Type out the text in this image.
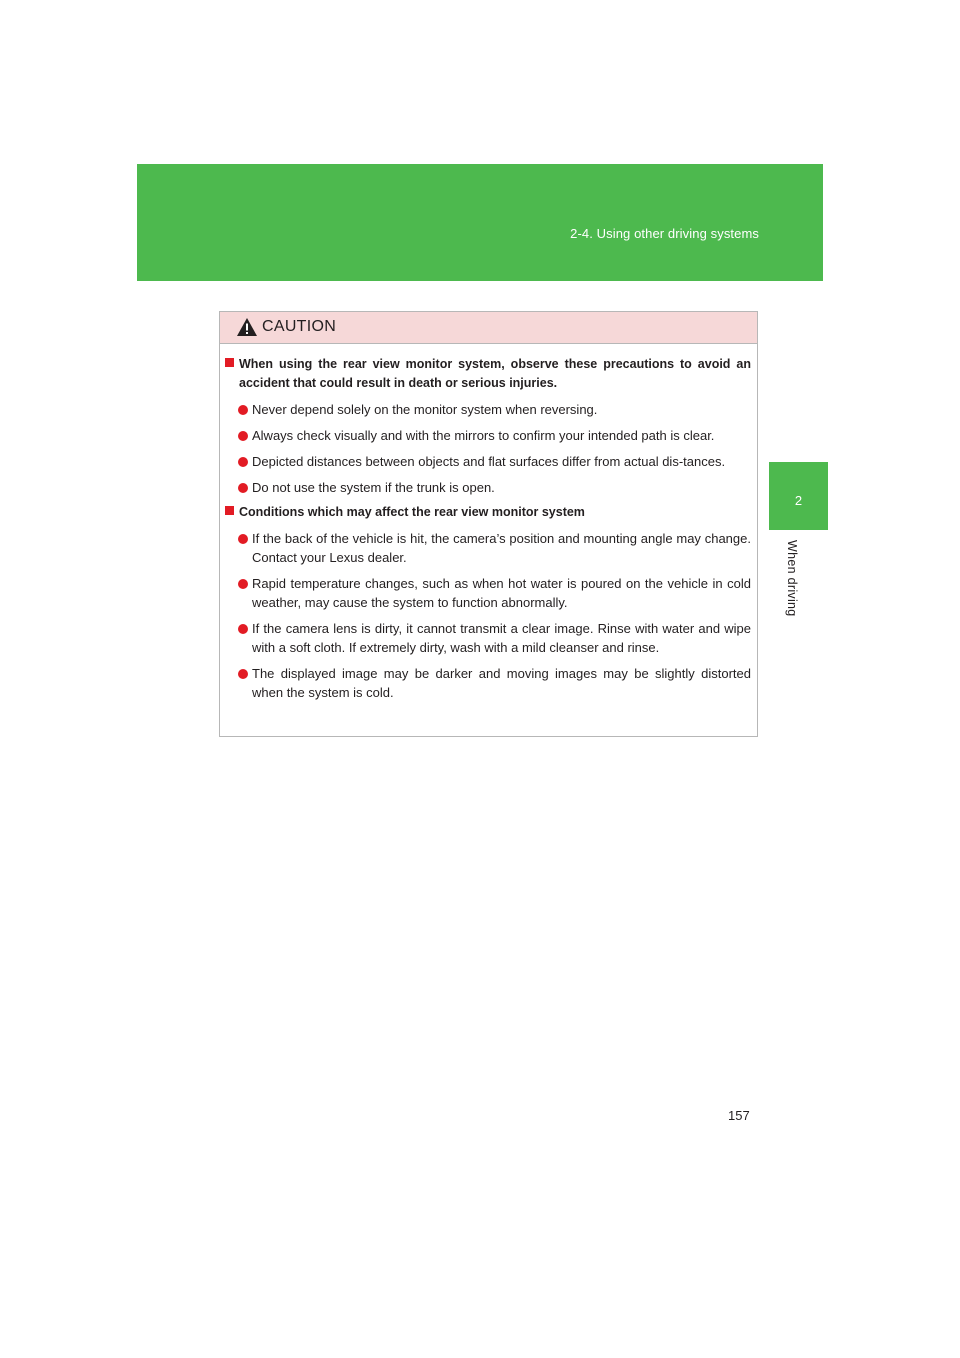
2-4. Using other driving systems
2
When driving
CAUTION
When using the rear view monitor system, observe these precautions to avoid an accident that could result in death or serious injuries.
Never depend solely on the monitor system when reversing.
Always check visually and with the mirrors to confirm your intended path is clear.
Depicted distances between objects and flat surfaces differ from actual dis-tances.
Do not use the system if the trunk is open.
Conditions which may affect the rear view monitor system
If the back of the vehicle is hit, the camera’s position and mounting angle may change. Contact your Lexus dealer.
Rapid temperature changes, such as when hot water is poured on the vehicle in cold weather, may cause the system to function abnormally.
If the camera lens is dirty, it cannot transmit a clear image. Rinse with water and wipe with a soft cloth. If extremely dirty, wash with a mild cleanser and rinse.
The displayed image may be darker and moving images may be slightly distorted when the system is cold.
157
